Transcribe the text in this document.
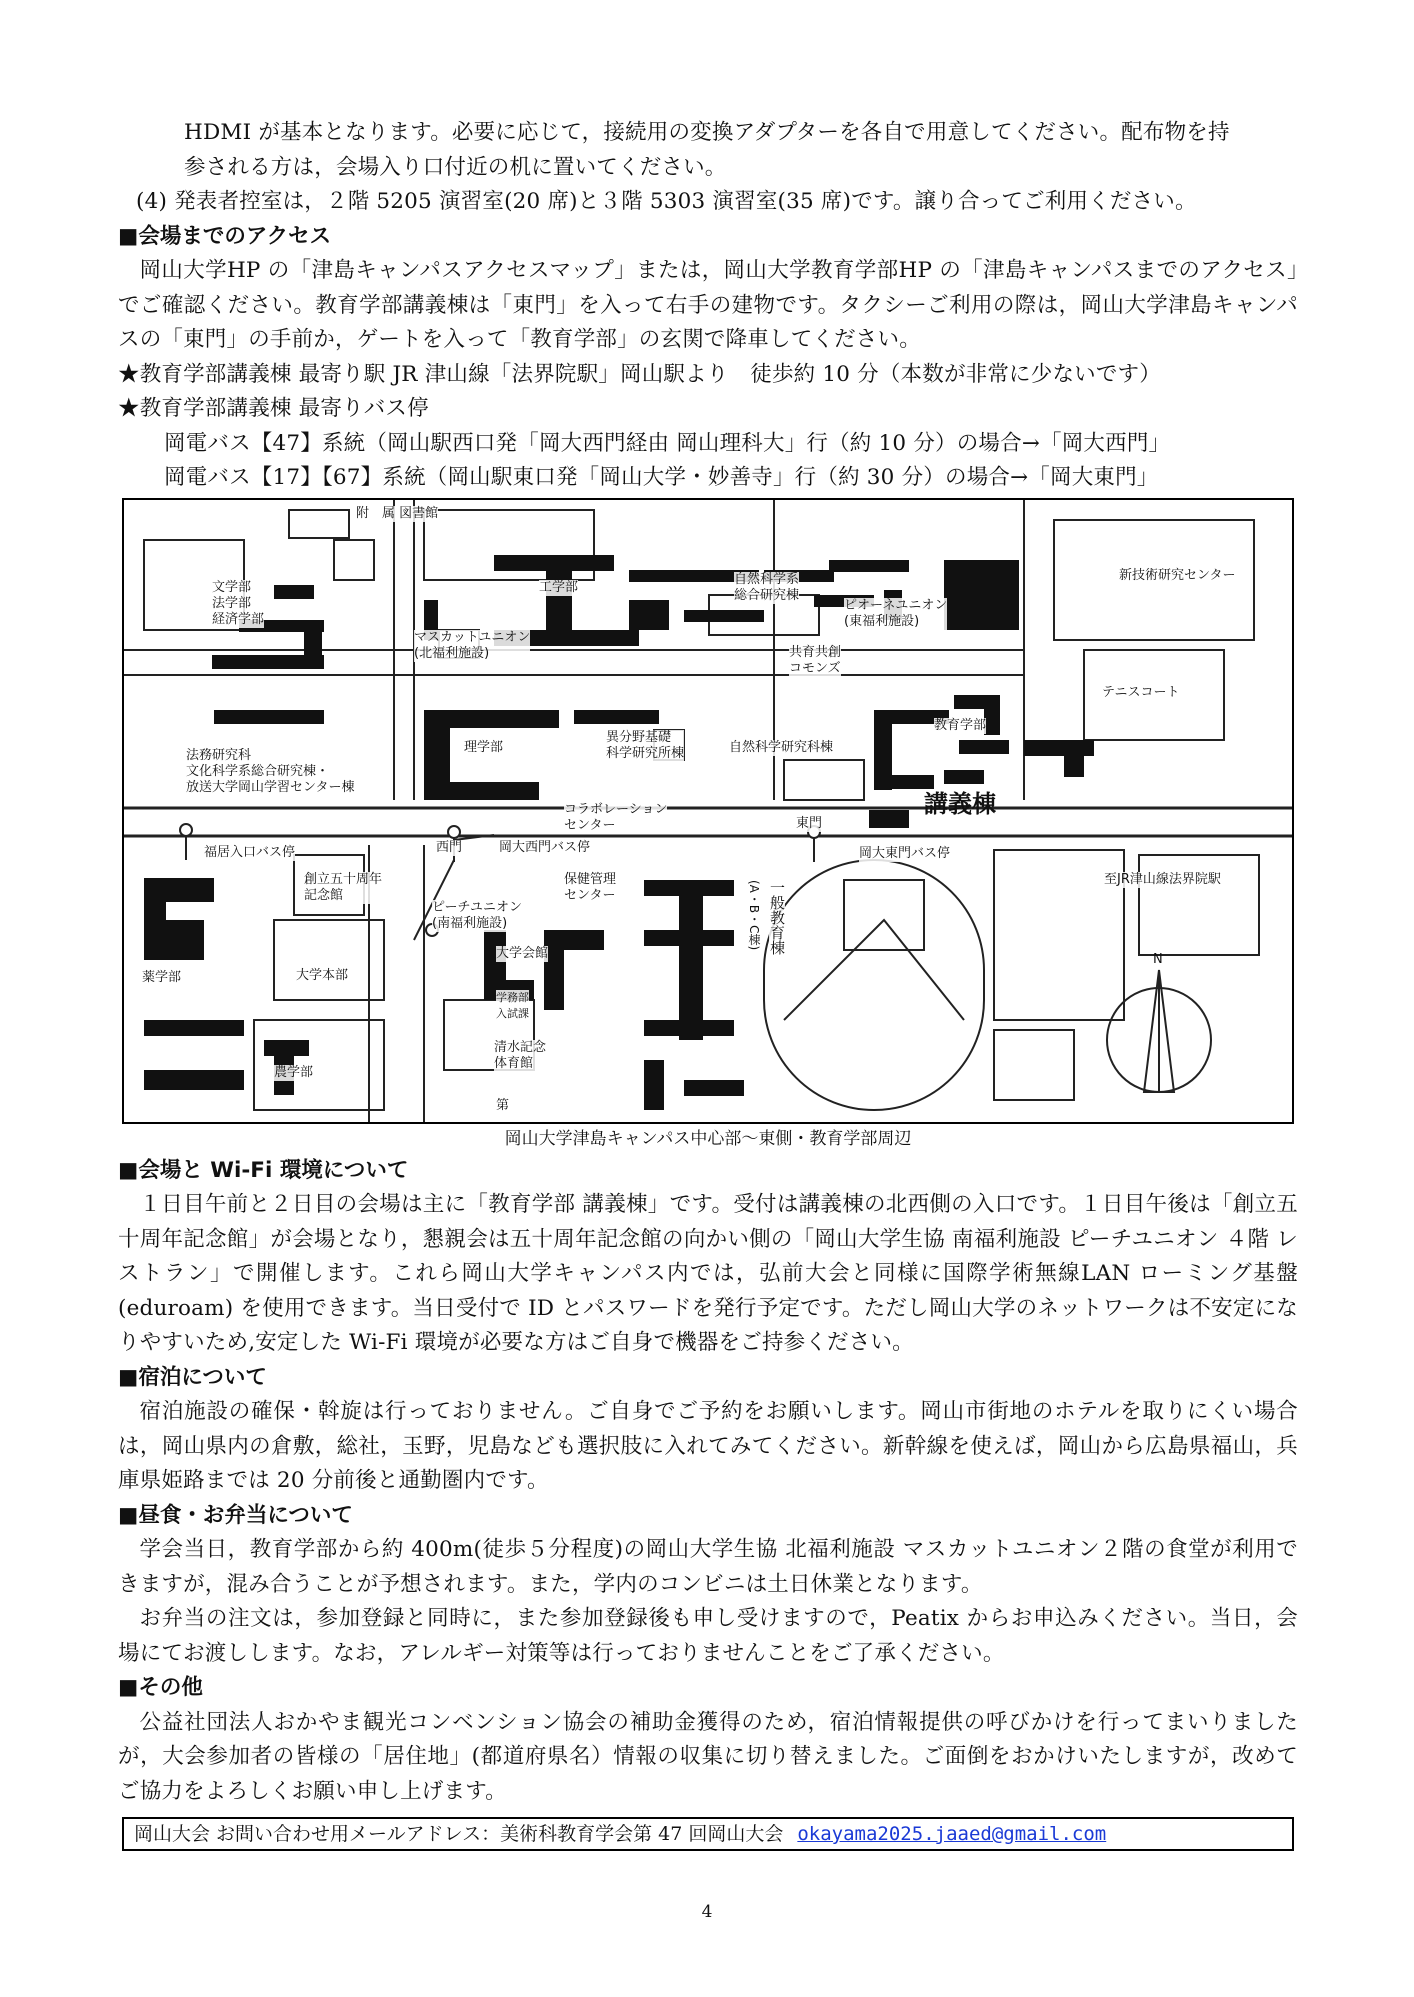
HDMI が基本となります。必要に応じて，接続用の変換アダプターを各自で用意してください。配布物を持
参される方は，会場入り口付近の机に置いてください。
(4) 発表者控室は，２階 5205 演習室(20 席)と３階 5303 演習室(35 席)です。譲り合ってご利用ください。
■会場までのアクセス

岡山大学HP の「津島キャンパスアクセスマップ」または，岡山大学教育学部HP の「津島キャンパスまでのアクセス」でご確認ください。教育学部講義棟は「東門」を入って右手の建物です。タクシーご利用の際は，岡山大学津島キャンパスの「東門」の手前か，ゲートを入って「教育学部」の玄関で降車してください。

★教育学部講義棟 最寄り駅 JR 津山線「法界院駅」岡山駅より　徒歩約 10 分（本数が非常に少ないです）
★教育学部講義棟 最寄りバス停
岡電バス【47】系統（岡山駅西口発「岡大西門経由 岡山理科大」行（約 10 分）の場合→「岡大西門」
岡電バス【17】【67】系統（岡山駅東口発「岡山大学・妙善寺」行（約 30 分）の場合→「岡大東門」
附　属 図書館
文学部
法学部
経済学部
工学部
自然科学系
総合研究棟
ピオーネユニオン
(東福利施設)
新技術研究センター
マスカットユニオン
(北福利施設)	共育共創
コモンズ
テニスコート
理学部
異分野基礎
科学研究所棟	自然科学研究科棟
教育学部
講義棟
法務研究科
文化科学系総合研究棟・
放送大学岡山学習センター棟
コラボレーション
センター
西門	岡大西門バス停
東門
岡大東門バス停
福居入口バス停
創立五十周年
記念館
保健管理
センター	一般教育棟
(A・B・C棟)
至JR津山線法界院駅
薬学部	大学本部
ピーチユニオン
(南福利施設)
大学会館
学務部
入試課
清水記念
体育館
農学部
第
N
岡山大学津島キャンパス中心部～東側・教育学部周辺
■会場と Wi-Fi 環境について

１日目午前と２日目の会場は主に「教育学部 講義棟」です。受付は講義棟の北西側の入口です。１日目午後は「創立五十周年記念館」が会場となり，懇親会は五十周年記念館の向かい側の「岡山大学生協 南福利施設 ピーチユニオン ４階 レストラン」で開催します。これら岡山大学キャンパス内では，弘前大会と同様に国際学術無線LAN ローミング基盤 (eduroam) を使用できます。当日受付で ID とパスワードを発行予定です。ただし岡山大学のネットワークは不安定になりやすいため,安定した Wi-Fi 環境が必要な方はご自身で機器をご持参ください。

■宿泊について

宿泊施設の確保・斡旋は行っておりません。ご自身でご予約をお願いします。岡山市街地のホテルを取りにくい場合は，岡山県内の倉敷，総社，玉野，児島なども選択肢に入れてみてください。新幹線を使えば，岡山から広島県福山，兵庫県姫路までは 20 分前後と通勤圏内です。

■昼食・お弁当について

学会当日，教育学部から約 400m(徒歩５分程度)の岡山大学生協 北福利施設 マスカットユニオン２階の食堂が利用できますが，混み合うことが予想されます。また，学内のコンビニは土日休業となります。

お弁当の注文は，参加登録と同時に，また参加登録後も申し受けますので，Peatix からお申込みください。当日，会場にてお渡しします。なお，アレルギー対策等は行っておりませんことをご了承ください。

■その他

公益社団法人おかやま観光コンベンション協会の補助金獲得のため，宿泊情報提供の呼びかけを行ってまいりましたが，大会参加者の皆様の「居住地」(都道府県名）情報の収集に切り替えました。ご面倒をおかけいたしますが，改めてご協力をよろしくお願い申し上げます。

岡山大会 お問い合わせ用メールアドレス：美術科教育学会第 47 回岡山大会 okayama2025.jaaed@gmail.com
4
